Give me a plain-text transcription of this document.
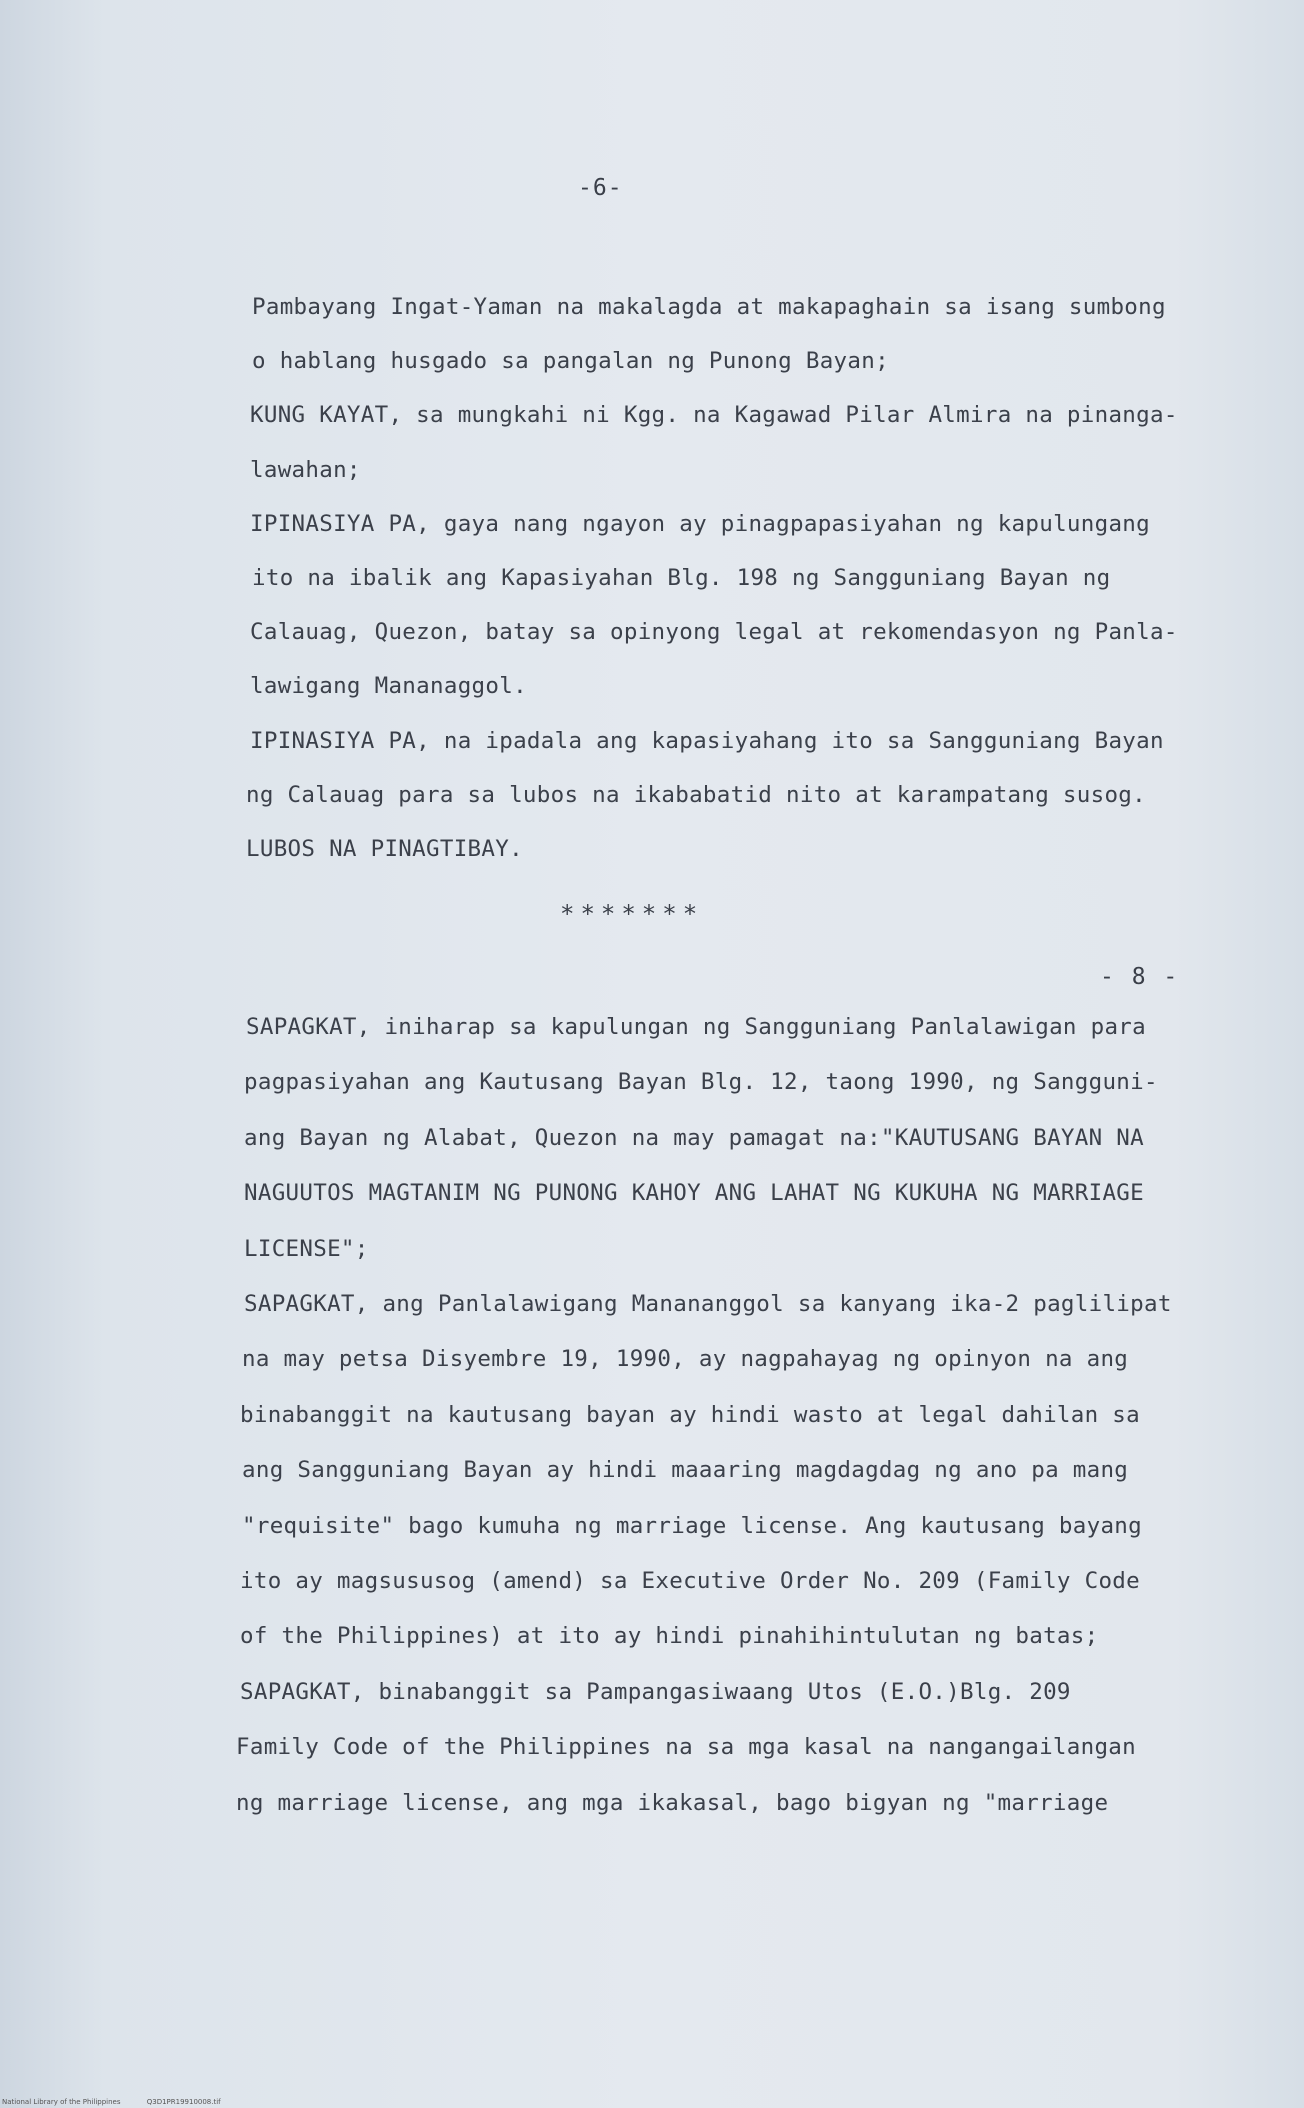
-6-
Pambayang Ingat-Yaman na makalagda at makapaghain sa isang sumbong
o hablang husgado sa pangalan ng Punong Bayan;
KUNG KAYAT, sa mungkahi ni Kgg. na Kagawad Pilar Almira na pinanga-
lawahan;
IPINASIYA PA, gaya nang ngayon ay pinagpapasiyahan ng kapulungang
ito na ibalik ang Kapasiyahan Blg. 198 ng Sangguniang Bayan ng
Calauag, Quezon, batay sa opinyong legal at rekomendasyon ng Panla-
lawigang Mananaggol.
IPINASIYA PA, na ipadala ang kapasiyahang ito sa Sangguniang Bayan
ng Calauag para sa lubos na ikababatid nito at karampatang susog.
LUBOS NA PINAGTIBAY.
*******
- 8 -
SAPAGKAT, iniharap sa kapulungan ng Sangguniang Panlalawigan para
pagpasiyahan ang Kautusang Bayan Blg. 12, taong 1990, ng Sanggunі-
ang Bayan ng Alabat, Quezon na may pamagat na:"KAUTUSANG BAYAN NA
NAGUUTOS MAGTANIM NG PUNONG KAHOY ANG LAHAT NG KUKUHA NG MARRIAGE
LICENSE";
SAPAGKAT, ang Panlalawigang Manananggol sa kanyang ika-2 paglilipat
na may petsa Disyembre 19, 1990, ay nagpahayag ng opinyon na ang
binabanggit na kautusang bayan ay hindi wasto at legal dahilan sa
ang Sangguniang Bayan ay hindi maaaring magdagdag ng ano pa mang
"requisite" bago kumuha ng marriage license. Ang kautusang bayang
ito ay magsususog (amend) sa Executive Order No. 209 (Family Code
of the Philippines) at ito ay hindi pinahihintulutan ng batas;
SAPAGKAT, binabanggit sa Pampangasiwaang Utos (E.O.)Blg. 209
Family Code of the Philippines na sa mga kasal na nangangailangan
ng marriage license, ang mga ikakasal, bago bigyan ng "marriage
National Library of the Philippines	Q3D1PR19910008.tif
